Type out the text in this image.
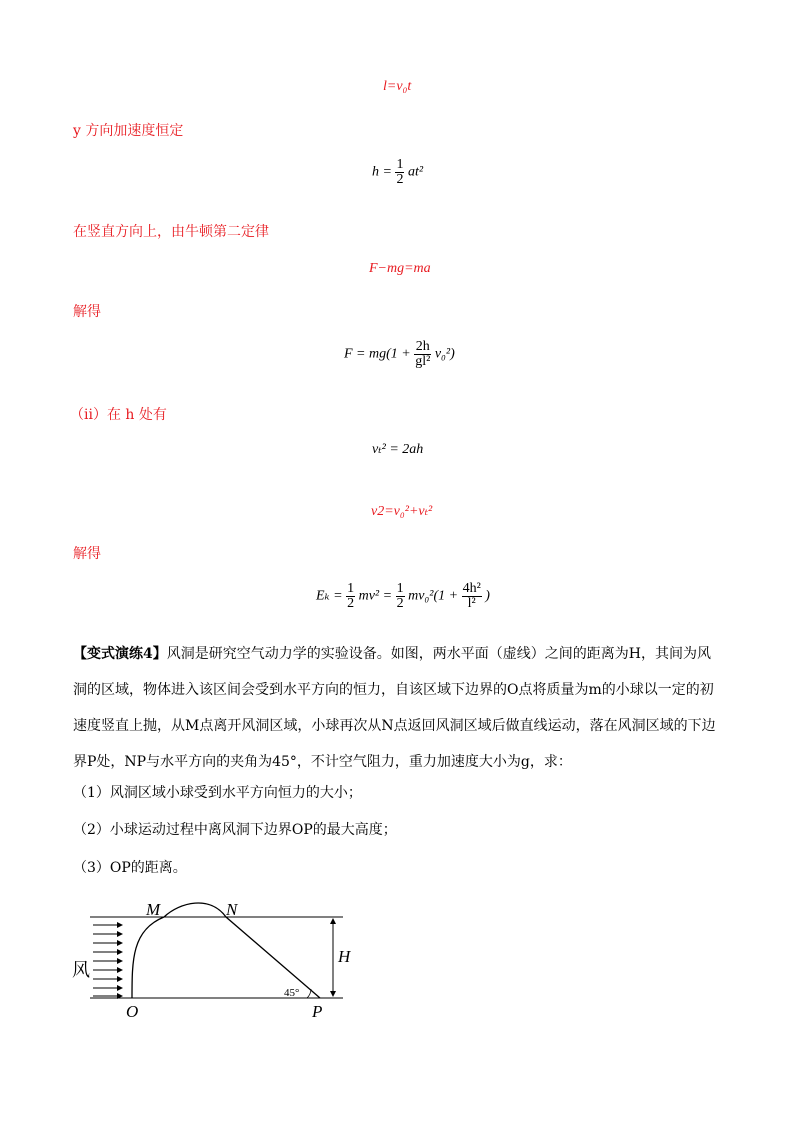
l=v₀t
y 方向加速度恒定
$h = \frac{1}{2} at^2$
在竖直方向上，由牛顿第二定律
F−mg=ma
解得
$F = mg(1 + \frac{2h}{\text{gl²}} v_0^2)$
（ii）在 h 处有
vₜ² = 2ah
v2=v₀²+vₜ²
解得
$E_k = \frac{1}{2} mv^2 = \frac{1}{2} mv_0^2(1 + \frac{\text{4h²}}{\text{l²}}$ )
【变式演练4】风洞是研究空气动力学的实验设备。如图，两水平面（虚线）之间的距离为H，其间为风
洞的区域，物体进入该区间会受到水平方向的恒力，自该区域下边界的O点将质量为m的小球以一定的初
速度竖直上抛，从M点离开风洞区域，小球再次从N点返回风洞区域后做直线运动，落在风洞区域的下边
界P处，NP与水平方向的夹角为45°，不计空气阻力，重力加速度大小为g，求：
（1）风洞区域小球受到水平方向恒力的大小；
（2）小球运动过程中离风洞下边界OP的最大高度；
（3）OP的距离。
M	N
H
风
45°
O	P
